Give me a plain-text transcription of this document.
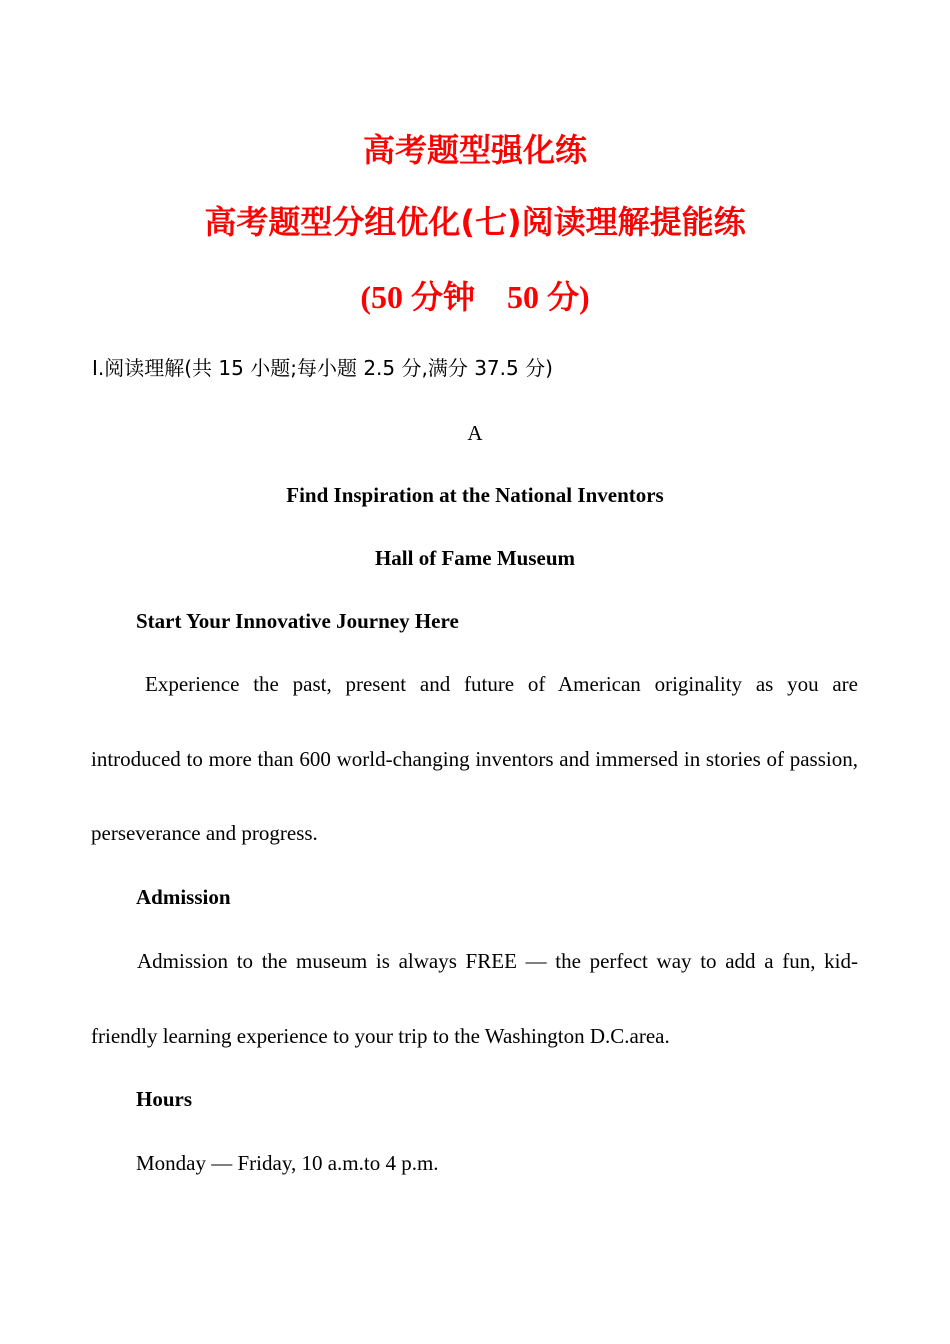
高考题型强化练
高考题型分组优化(七)阅读理解提能练
(50 分钟　50 分)
Ⅰ.阅读理解(共 15 小题;每小题 2.5 分,满分 37.5 分)
A
Find Inspiration at the National Inventors
Hall of Fame Museum
Start Your Innovative Journey Here
Experience the past, present and future of American originality as you are introduced to more than 600 world-changing inventors and immersed in stories of passion, perseverance and progress.
Admission
Admission to the museum is always FREE — the perfect way to add a fun, kid-friendly learning experience to your trip to the Washington D.C.area.
Hours
Monday — Friday, 10 a.m.to 4 p.m.
